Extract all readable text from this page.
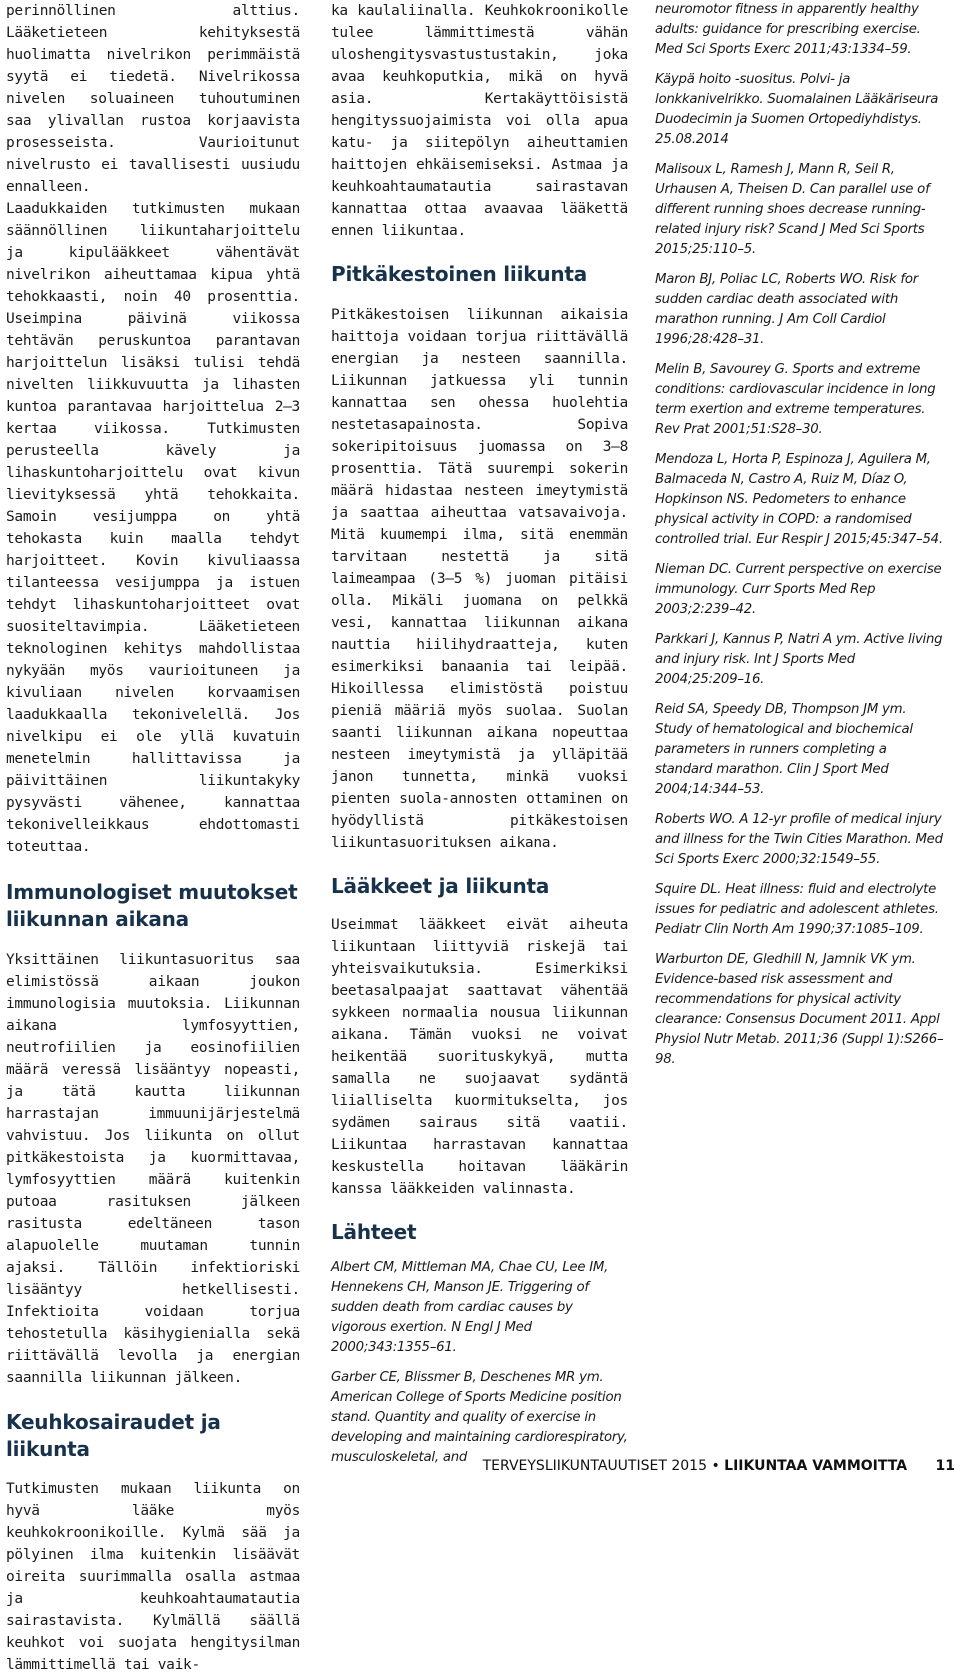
perinnöllinen alttius. Lääketieteen kehityksestä huolimatta nivelrikon perimmäistä syytä ei tiedetä. Nivelrikossa nivelen soluaineen tuhoutuminen saa ylivallan rustoa korjaavista prosesseista. Vaurioitunut nivelrusto ei tavallisesti uusiudu ennalleen.

Laadukkaiden tutkimusten mukaan säännöllinen liikuntaharjoittelu ja kipulääkkeet vähentävät nivelrikon aiheuttamaa kipua yhtä tehokkaasti, noin 40 prosenttia. Useimpina päivinä viikossa tehtävän peruskuntoa parantavan harjoittelun lisäksi tulisi tehdä nivelten liikkuvuutta ja lihasten kuntoa parantavaa harjoittelua 2–3 kertaa viikossa. Tutkimusten perusteella kävely ja lihaskuntoharjoittelu ovat kivun lievityksessä yhtä tehokkaita. Samoin vesijumppa on yhtä tehokasta kuin maalla tehdyt harjoitteet. Kovin kivuliaassa tilanteessa vesijumppa ja istuen tehdyt lihaskuntoharjoitteet ovat suositeltavimpia. Lääketieteen teknologinen kehitys mahdollistaa nykyään myös vaurioituneen ja kivuliaan nivelen korvaamisen laadukkaalla tekonivelellä. Jos nivelkipu ei ole yllä kuvatuin menetelmin hallittavissa ja päivittäinen liikuntakyky pysyvästi vähenee, kannattaa tekonivelleikkaus ehdottomasti toteuttaa.

Immunologiset muutokset liikunnan aikana

Yksittäinen liikuntasuoritus saa elimistössä aikaan joukon immunologisia muutoksia. Liikunnan aikana lymfosyyttien, neutrofiilien ja eosinofiilien määrä veressä lisääntyy nopeasti, ja tätä kautta liikunnan harrastajan immuunijärjestelmä vahvistuu. Jos liikunta on ollut pitkäkestoista ja kuormittavaa, lymfosyyttien määrä kuitenkin putoaa rasituksen jälkeen rasitusta edeltäneen tason alapuolelle muutaman tunnin ajaksi. Tällöin infektioriski lisääntyy hetkellisesti. Infektioita voidaan torjua tehostetulla käsihygienialla sekä riittävällä levolla ja energian saannilla liikunnan jälkeen.

Keuhkosairaudet ja liikunta

Tutkimusten mukaan liikunta on hyvä lääke myös keuhkokroonikoille. Kylmä sää ja pölyinen ilma kuitenkin lisäävät oireita suurimmalla osalla astmaa ja keuhkoahtaumatautia sairastavista. Kylmällä säällä keuhkot voi suojata hengitysilman lämmittimellä tai vaik-

ka kaulaliinalla. Keuhkokroonikolle tulee lämmittimestä vähän uloshengitysvastustustakin, joka avaa keuhkoputkia, mikä on hyvä asia. Kertakäyttöisistä hengityssuojaimista voi olla apua katu- ja siitepölyn aiheuttamien haittojen ehkäisemiseksi. Astmaa ja keuhkoahtaumatautia sairastavan kannattaa ottaa avaavaa lääkettä ennen liikuntaa.

Pitkäkestoinen liikunta

Pitkäkestoisen liikunnan aikaisia haittoja voidaan torjua riittävällä energian ja nesteen saannilla. Liikunnan jatkuessa yli tunnin kannattaa sen ohessa huolehtia nestetasapainosta. Sopiva sokeripitoisuus juomassa on 3–8 prosenttia. Tätä suurempi sokerin määrä hidastaa nesteen imeytymistä ja saattaa aiheuttaa vatsavaivoja. Mitä kuumempi ilma, sitä enemmän tarvitaan nestettä ja sitä laimeampaa (3–5 %) juoman pitäisi olla. Mikäli juomana on pelkkä vesi, kannattaa liikunnan aikana nauttia hiilihydraatteja, kuten esimerkiksi banaania tai leipää. Hikoillessa elimistöstä poistuu pieniä määriä myös suolaa. Suolan saanti liikunnan aikana nopeuttaa nesteen imeytymistä ja ylläpitää janon tunnetta, minkä vuoksi pienten suola-annosten ottaminen on hyödyllistä pitkäkestoisen liikuntasuorituksen aikana.

Lääkkeet ja liikunta

Useimmat lääkkeet eivät aiheuta liikuntaan liittyviä riskejä tai yhteisvaikutuksia. Esimerkiksi beetasalpaajat saattavat vähentää sykkeen normaalia nousua liikunnan aikana. Tämän vuoksi ne voivat heikentää suorituskykyä, mutta samalla ne suojaavat sydäntä liialliselta kuormitukselta, jos sydämen sairaus sitä vaatii. Liikuntaa harrastavan kannattaa keskustella hoitavan lääkärin kanssa lääkkeiden valinnasta.

Lähteet

Albert CM, Mittleman MA, Chae CU, Lee IM, Hennekens CH, Manson JE. Triggering of sudden death from cardiac causes by vigorous exertion. N Engl J Med 2000;343:1355–61.

Garber CE, Blissmer B, Deschenes MR ym. American College of Sports Medicine position stand. Quantity and quality of exercise in developing and maintaining cardiorespiratory, musculoskeletal, and

neuromotor fitness in apparently healthy adults: guidance for prescribing exercise. Med Sci Sports Exerc 2011;43:1334–59.

Käypä hoito -suositus. Polvi- ja lonkkanivelrikko. Suomalainen Lääkäriseura Duodecimin ja Suomen Ortopediyhdistys. 25.08.2014

Malisoux L, Ramesh J, Mann R, Seil R, Urhausen A, Theisen D. Can parallel use of different running shoes decrease running-related injury risk? Scand J Med Sci Sports 2015;25:110–5.

Maron BJ, Poliac LC, Roberts WO. Risk for sudden cardiac death associated with marathon running. J Am Coll Cardiol 1996;28:428–31.

Melin B, Savourey G. Sports and extreme conditions: cardiovascular incidence in long term exertion and extreme temperatures. Rev Prat 2001;51:S28–30.

Mendoza L, Horta P, Espinoza J, Aguilera M, Balmaceda N, Castro A, Ruiz M, Díaz O, Hopkinson NS. Pedometers to enhance physical activity in COPD: a randomised controlled trial. Eur Respir J 2015;45:347–54.

Nieman DC. Current perspective on exercise immunology. Curr Sports Med Rep 2003;2:239–42.

Parkkari J, Kannus P, Natri A ym. Active living and injury risk. Int J Sports Med 2004;25:209–16.

Reid SA, Speedy DB, Thompson JM ym. Study of hematological and biochemical parameters in runners completing a standard marathon. Clin J Sport Med 2004;14:344–53.

Roberts WO. A 12-yr profile of medical injury and illness for the Twin Cities Marathon. Med Sci Sports Exerc 2000;32:1549–55.

Squire DL. Heat illness: fluid and electrolyte issues for pediatric and adolescent athletes. Pediatr Clin North Am 1990;37:1085–109.

Warburton DE, Gledhill N, Jamnik VK ym. Evidence-based risk assessment and recommendations for physical activity clearance: Consensus Document 2011. Appl Physiol Nutr Metab. 2011;36 (Suppl 1):S266–98.

TERVEYSLIIKUNTAUUTISET 2015 • LIIKUNTAA VAMMOITTA 11
